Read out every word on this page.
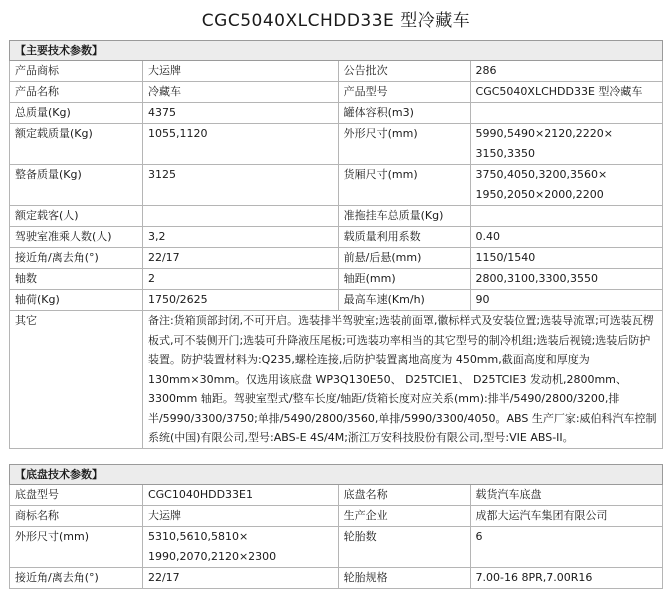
CGC5040XLCHDD33E 型冷藏车
【主要技术参数】			
产品商标	大运牌	公告批次	286
产品名称	冷藏车	产品型号	CGC5040XLCHDD33E 型冷藏车
总质量(Kg)	4375	罐体容积(m3)	
额定载质量(Kg)	1055,1120	外形尺寸(mm)	5990,5490×2120,2220×
3150,3350
整备质量(Kg)	3125	货厢尺寸(mm)	3750,4050,3200,3560×
1950,2050×2000,2200
额定载客(人)		准拖挂车总质量(Kg)	
驾驶室准乘人数(人)	3,2	载质量利用系数	0.40
接近角/离去角(°)	22/17	前悬/后悬(mm)	1150/1540
轴数	2	轴距(mm)	2800,3100,3300,3550
轴荷(Kg)	1750/2625	最高车速(Km/h)	90
其它	备注:货箱顶部封闭,不可开启。选装排半驾驶室;选装前面罩,徽标样式及安装位置;选装导流罩;可选装瓦楞板式,可不装侧开门;选装可升降液压尾板;可选装功率相当的其它型号的制冷机组;选装后视镜;选装后防护装置。防护装置材料为:Q235,螺栓连接,后防护装置离地高度为 450mm,截面高度和厚度为 130mm×30mm。仅选用该底盘 WP3Q130E50、 D25TCIE1、 D25TCIE3 发动机,2800mm、3300mm 轴距。驾驶室型式/整车长度/轴距/货箱长度对应关系(mm):排半/5490/2800/3200,排半/5990/3300/3750;单排/5490/2800/3560,单排/5990/3300/4050。ABS 生产厂家:威伯科汽车控制系统(中国)有限公司,型号:ABS-E 4S/4M;浙江万安科技股份有限公司,型号:VIE ABS-II。		
【底盘技术参数】			
底盘型号	CGC1040HDD33E1	底盘名称	载货汽车底盘
商标名称	大运牌	生产企业	成都大运汽车集团有限公司
外形尺寸(mm)	5310,5610,5810×
1990,2070,2120×2300	轮胎数	6
接近角/离去角(°)	22/17	轮胎规格	7.00-16 8PR,7.00R16
